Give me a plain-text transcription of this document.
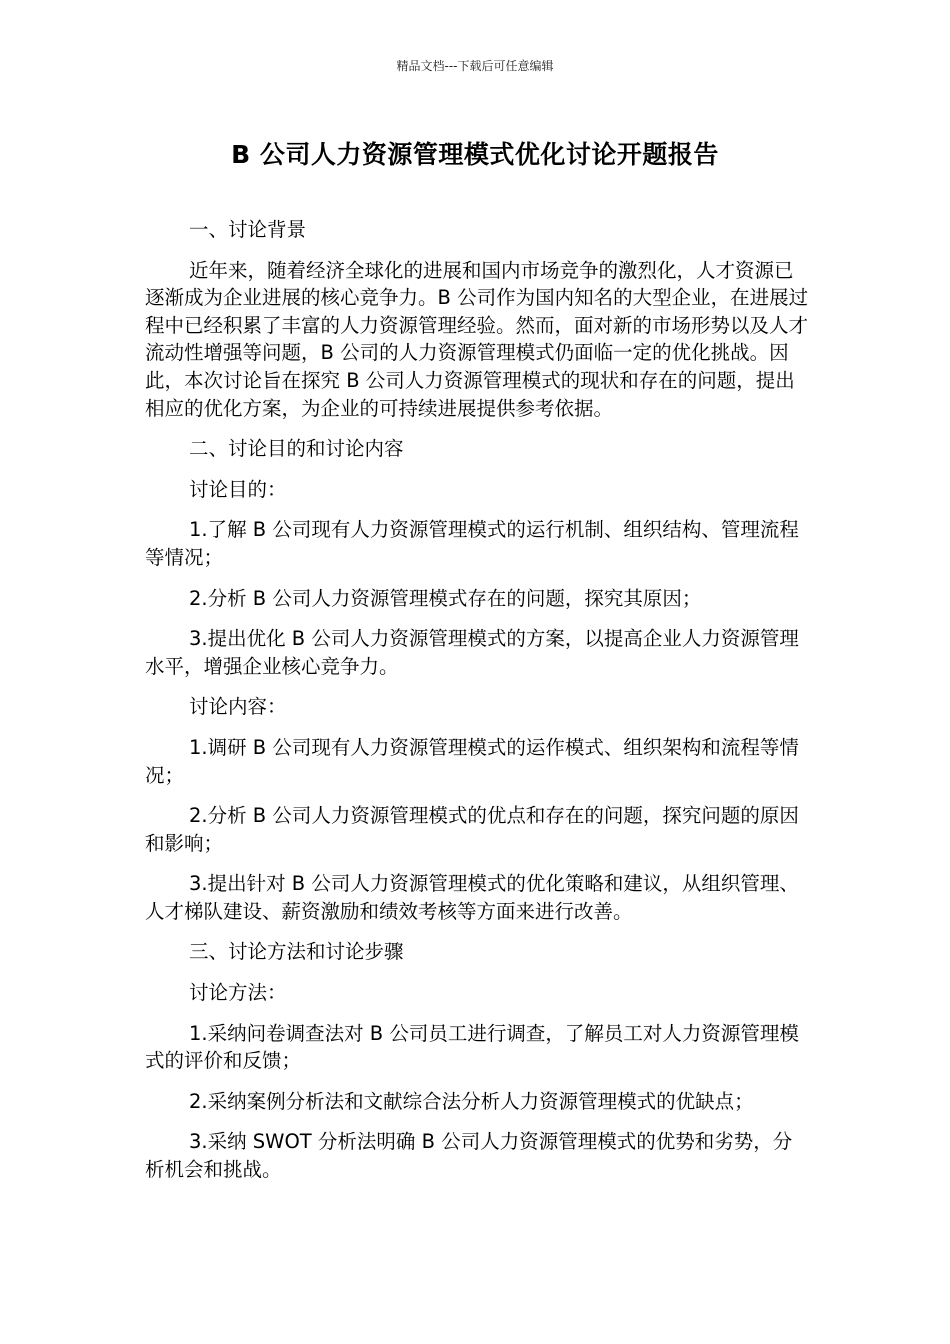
精品文档---下载后可任意编辑
B 公司人力资源管理模式优化讨论开题报告

一、讨论背景

近年来，随着经济全球化的进展和国内市场竞争的激烈化，人才资源已逐渐成为企业进展的核心竞争力。B 公司作为国内知名的大型企业，在进展过程中已经积累了丰富的人力资源管理经验。然而，面对新的市场形势以及人才流动性增强等问题，B 公司的人力资源管理模式仍面临一定的优化挑战。因此，本次讨论旨在探究 B 公司人力资源管理模式的现状和存在的问题，提出相应的优化方案，为企业的可持续进展提供参考依据。

二、讨论目的和讨论内容

讨论目的：

1.了解 B 公司现有人力资源管理模式的运行机制、组织结构、管理流程等情况；

2.分析 B 公司人力资源管理模式存在的问题，探究其原因；

3.提出优化 B 公司人力资源管理模式的方案，以提高企业人力资源管理水平，增强企业核心竞争力。

讨论内容：

1.调研 B 公司现有人力资源管理模式的运作模式、组织架构和流程等情况；

2.分析 B 公司人力资源管理模式的优点和存在的问题，探究问题的原因和影响；

3.提出针对 B 公司人力资源管理模式的优化策略和建议，从组织管理、人才梯队建设、薪资激励和绩效考核等方面来进行改善。

三、讨论方法和讨论步骤

讨论方法：

1.采纳问卷调查法对 B 公司员工进行调查，了解员工对人力资源管理模式的评价和反馈；

2.采纳案例分析法和文献综合法分析人力资源管理模式的优缺点；

3.采纳 SWOT 分析法明确 B 公司人力资源管理模式的优势和劣势，分析机会和挑战。
